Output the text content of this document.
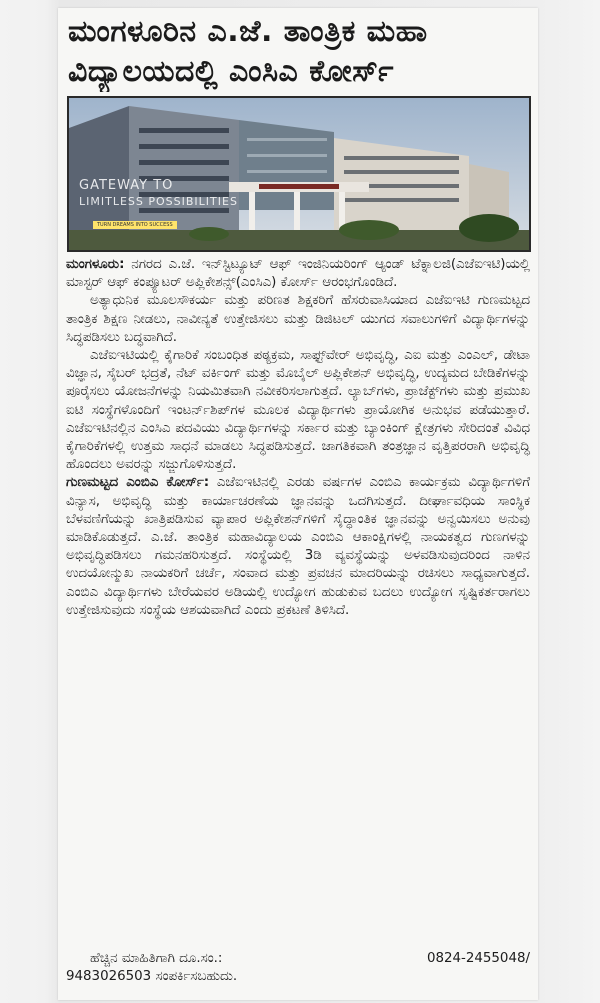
ಮಂಗಳೂರಿನ ಎ.ಜೆ. ತಾಂತ್ರಿಕ ಮಹಾ
ವಿದ್ಯಾಲಯದಲ್ಲಿ ಎಂಸಿಎ ಕೋರ್ಸ್
GATEWAY TO
LIMITLESS POSSIBILITIES
TURN DREAMS INTO SUCCESS

ಮಂಗಳೂರು: ನಗರದ ಎ.ಜೆ. ಇನ್‌ಸ್ಟಿಟ್ಯೂಟ್ ಆಫ್ ಇಂಜಿನಿಯರಿಂಗ್ ಆ್ಯಂಡ್ ಟೆಕ್ನಾಲಜಿ(ಎಜೆಐಇಟಿ)ಯಲ್ಲಿ ಮಾಸ್ಟರ್ ಆಫ್ ಕಂಪ್ಯೂಟರ್ ಅಪ್ಲಿಕೇಶನ್ಸ್(ಎಂಸಿಎ) ಕೋರ್ಸ್ ಆರಂಭಗೊಂಡಿದೆ.

ಅತ್ಯಾಧುನಿಕ ಮೂಲಸೌಕರ್ಯ ಮತ್ತು ಪರಿಣತ ಶಿಕ್ಷಕರಿಗೆ ಹೆಸರುವಾಸಿಯಾದ ಎಜೆಐಇಟಿ ಗುಣಮಟ್ಟದ ತಾಂತ್ರಿಕ ಶಿಕ್ಷಣ ನೀಡಲು, ನಾವೀನ್ಯತೆ ಉತ್ತೇಜಿಸಲು ಮತ್ತು ಡಿಜಿಟಲ್ ಯುಗದ ಸವಾಲುಗಳಿಗೆ ವಿದ್ಯಾರ್ಥಿಗಳನ್ನು ಸಿದ್ಧಪಡಿಸಲು ಬದ್ಧವಾಗಿದೆ.

ಎಜೆಐಇಟಿಯಲ್ಲಿ ಕೈಗಾರಿಕೆ ಸಂಬಂಧಿತ ಪಠ್ಯಕ್ರಮ, ಸಾಫ್ಟ್‌ವೇರ್ ಅಭಿವೃದ್ಧಿ, ಎಐ ಮತ್ತು ಎಂಎಲ್, ಡೇಟಾ ವಿಜ್ಞಾನ, ಸೈಬರ್ ಭದ್ರತೆ, ನೆಟ್ ವರ್ಕಿಂಗ್ ಮತ್ತು ಮೊಬೈಲ್ ಅಪ್ಲಿಕೇಶನ್ ಅಭಿವೃದ್ಧಿ, ಉದ್ಯಮದ ಬೇಡಿಕೆಗಳನ್ನು ಪೂರೈಸಲು ಯೋಜನೆಗಳನ್ನು ನಿಯಮಿತವಾಗಿ ನವೀಕರಿಸಲಾಗುತ್ತದೆ. ಲ್ಯಾಬ್‌ಗಳು, ಪ್ರಾಜೆಕ್ಟ್‌ಗಳು ಮತ್ತು ಪ್ರಮುಖ ಐಟಿ ಸಂಸ್ಥೆಗಳೊಂದಿಗೆ ಇಂಟರ್ನ್‌ಶಿಪ್‌ಗಳ ಮೂಲಕ ವಿದ್ಯಾರ್ಥಿಗಳು ಪ್ರಾಯೋಗಿಕ ಅನುಭವ ಪಡೆಯುತ್ತಾರೆ. ಎಜೆಐಇಟಿನಲ್ಲಿನ ಎಂಸಿಎ ಪದವಿಯು ವಿದ್ಯಾರ್ಥಿಗಳನ್ನು ಸರ್ಕಾರ ಮತ್ತು ಬ್ಯಾಂಕಿಂಗ್ ಕ್ಷೇತ್ರಗಳು ಸೇರಿದಂತೆ ವಿವಿಧ ಕೈಗಾರಿಕೆಗಳಲ್ಲಿ ಉತ್ತಮ ಸಾಧನೆ ಮಾಡಲು ಸಿದ್ಧಪಡಿಸುತ್ತದೆ. ಜಾಗತಿಕವಾಗಿ ತಂತ್ರಜ್ಞಾನ ವೃತ್ತಿಪರರಾಗಿ ಅಭಿವೃದ್ಧಿ ಹೊಂದಲು ಅವರನ್ನು ಸಜ್ಜುಗೊಳಿಸುತ್ತದೆ.

ಗುಣಮಟ್ಟದ ಎಂಬಿಎ ಕೋರ್ಸ್: ಎಜೆಐಇಟಿನಲ್ಲಿ ಎರಡು ವರ್ಷಗಳ ಎಂಬಿಎ ಕಾರ್ಯಕ್ರಮ ವಿದ್ಯಾರ್ಥಿಗಳಿಗೆ ವಿನ್ಯಾಸ, ಅಭಿವೃದ್ಧಿ ಮತ್ತು ಕಾರ್ಯಾಚರಣೆಯ ಜ್ಞಾನವನ್ನು ಒದಗಿಸುತ್ತದೆ. ದೀರ್ಘಾವಧಿಯ ಸಾಂಸ್ಥಿಕ ಬೆಳವಣಿಗೆಯನ್ನು ಖಾತ್ರಿಪಡಿಸುವ ವ್ಯಾಪಾರ ಅಪ್ಲಿಕೇಶನ್‌ಗಳಿಗೆ ಸೈದ್ಧಾಂತಿಕ ಜ್ಞಾನವನ್ನು ಅನ್ವಯಿಸಲು ಅನುವು ಮಾಡಿಕೊಡುತ್ತದೆ. ಎ.ಜೆ. ತಾಂತ್ರಿಕ ಮಹಾವಿದ್ಯಾಲಯ ಎಂಬಿಎ ಆಕಾಂಕ್ಷಿಗಳಲ್ಲಿ ನಾಯಕತ್ವದ ಗುಣಗಳನ್ನು ಅಭಿವೃದ್ಧಿಪಡಿಸಲು ಗಮನಹರಿಸುತ್ತದೆ. ಸಂಸ್ಥೆಯಲ್ಲಿ 3ಡಿ ವ್ಯವಸ್ಥೆಯನ್ನು ಅಳವಡಿಸುವುದರಿಂದ ನಾಳಿನ ಉದಯೋನ್ಮುಖ ನಾಯಕರಿಗೆ ಚರ್ಚೆ, ಸಂವಾದ ಮತ್ತು ಪ್ರವಚನ ಮಾದರಿಯನ್ನು ರಚಿಸಲು ಸಾಧ್ಯವಾಗುತ್ತದೆ. ಎಂಬಿಎ ವಿದ್ಯಾರ್ಥಿಗಳು ಬೇರೆಯವರ ಅಡಿಯಲ್ಲಿ ಉದ್ಯೋಗ ಹುಡುಕುವ ಬದಲು ಉದ್ಯೋಗ ಸೃಷ್ಟಿಕರ್ತರಾಗಲು ಉತ್ತೇಜಿಸುವುದು ಸಂಸ್ಥೆಯ ಆಶಯವಾಗಿದೆ ಎಂದು ಪ್ರಕಟಣೆ ತಿಳಿಸಿದೆ.

ಹೆಚ್ಚಿನ ಮಾಹಿತಿಗಾಗಿ ದೂ.ಸಂ.:	0824-2455048/
9483026503 ಸಂಪರ್ಕಿಸಬಹುದು.
